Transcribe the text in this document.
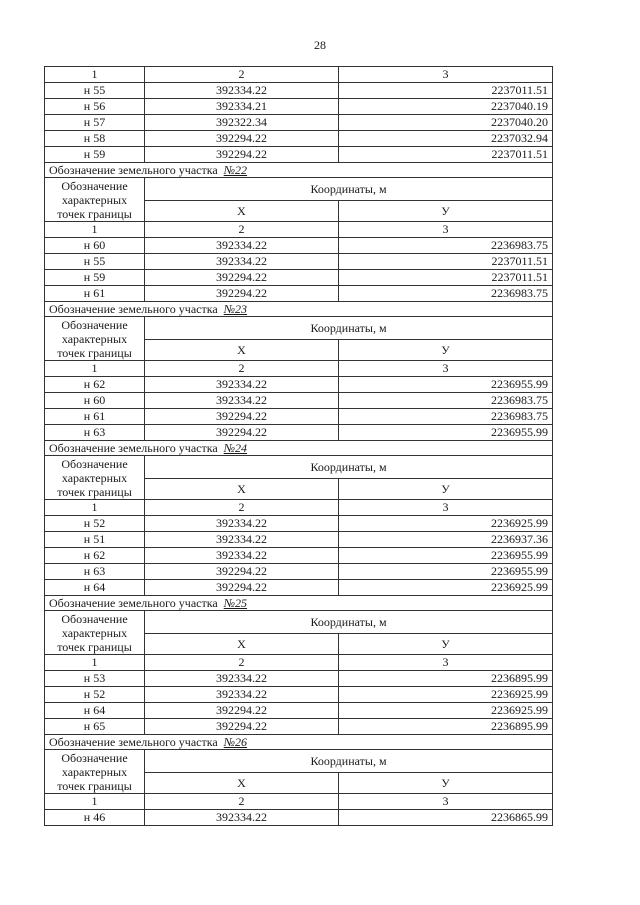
28
1	2	3
н 55	392334.22	2237011.51
н 56	392334.21	2237040.19
н 57	392322.34	2237040.20
н 58	392294.22	2237032.94
н 59	392294.22	2237011.51
Обозначение земельного участка №22		
Обозначение характерных точек границы	Координаты, м	
	X	У
1	2	3
н 60	392334.22	2236983.75
н 55	392334.22	2237011.51
н 59	392294.22	2237011.51
н 61	392294.22	2236983.75
Обозначение земельного участка №23		
Обозначение характерных точек границы	Координаты, м	
	X	У
1	2	3
н 62	392334.22	2236955.99
н 60	392334.22	2236983.75
н 61	392294.22	2236983.75
н 63	392294.22	2236955.99
Обозначение земельного участка №24		
Обозначение характерных точек границы	Координаты, м	
	X	У
1	2	3
н 52	392334.22	2236925.99
н 51	392334.22	2236937.36
н 62	392334.22	2236955.99
н 63	392294.22	2236955.99
н 64	392294.22	2236925.99
Обозначение земельного участка №25		
Обозначение характерных точек границы	Координаты, м	
	X	У
1	2	3
н 53	392334.22	2236895.99
н 52	392334.22	2236925.99
н 64	392294.22	2236925.99
н 65	392294.22	2236895.99
Обозначение земельного участка №26		
Обозначение характерных точек границы	Координаты, м	
	X	У
1	2	3
н 46	392334.22	2236865.99
